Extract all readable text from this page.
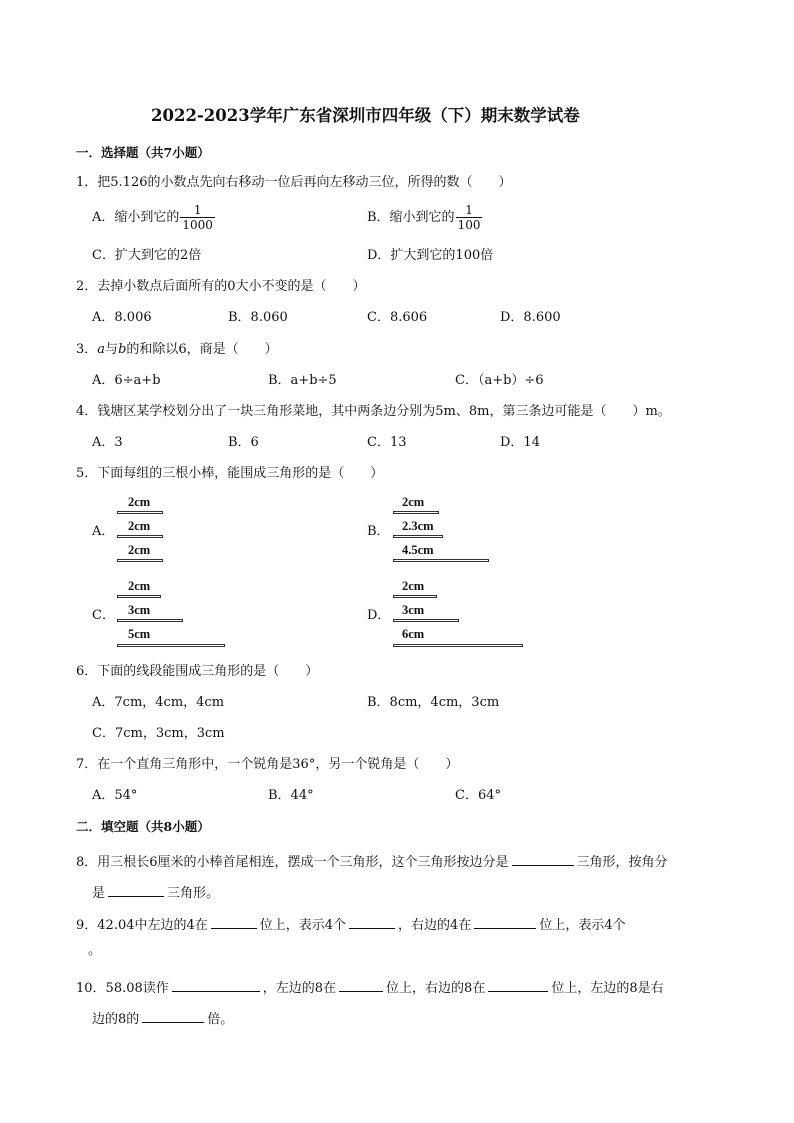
2022-2023学年广东省深圳市四年级（下）期末数学试卷
一．选择题（共7小题）
1．把5.126的小数点先向右移动一位后再向左移动三位，所得的数（　　）
A．缩小到它的 $\frac{1}{1000}$	B．缩小到它的 $\frac{1}{100}$
C．扩大到它的2倍	D．扩大到它的100倍
2．去掉小数点后面所有的0大小不变的是（　　）
A．8.006	B．8.060	C．8.606	D．8.600
3．a与b的和除以6，商是（　　）
A．6÷a+b	B．a+b÷5	C．（a+b）÷6
4．钱塘区某学校划分出了一块三角形菜地，其中两条边分别为5m、8m，第三条边可能是（　　）m。
A．3	B．6	C．13	D．14
5．下面每组的三根小棒，能围成三角形的是（　　）
A．	B．
C．	D．
2cm
2cm
2cm
2cm
2.3cm
4.5cm
2cm
3cm
5cm
2cm
3cm
6cm
6．下面的线段能围成三角形的是（　　）
A．7cm，4cm，4cm	B．8cm，4cm，3cm
C．7cm，3cm，3cm
7．在一个直角三角形中，一个锐角是36°，另一个锐角是（　　）
A．54°	B．44°	C．64°
二．填空题（共8小题）
8．用三根长6厘米的小棒首尾相连，摆成一个三角形，这个三角形按边分是	三角形，按角分
是	三角形。
9．42.04中左边的4在	位上，表示4个	，右边的4在	位上，表示4个
。
10．58.08读作	，左边的8在	位上，右边的8在	位上，左边的8是右
边的8的	倍。
